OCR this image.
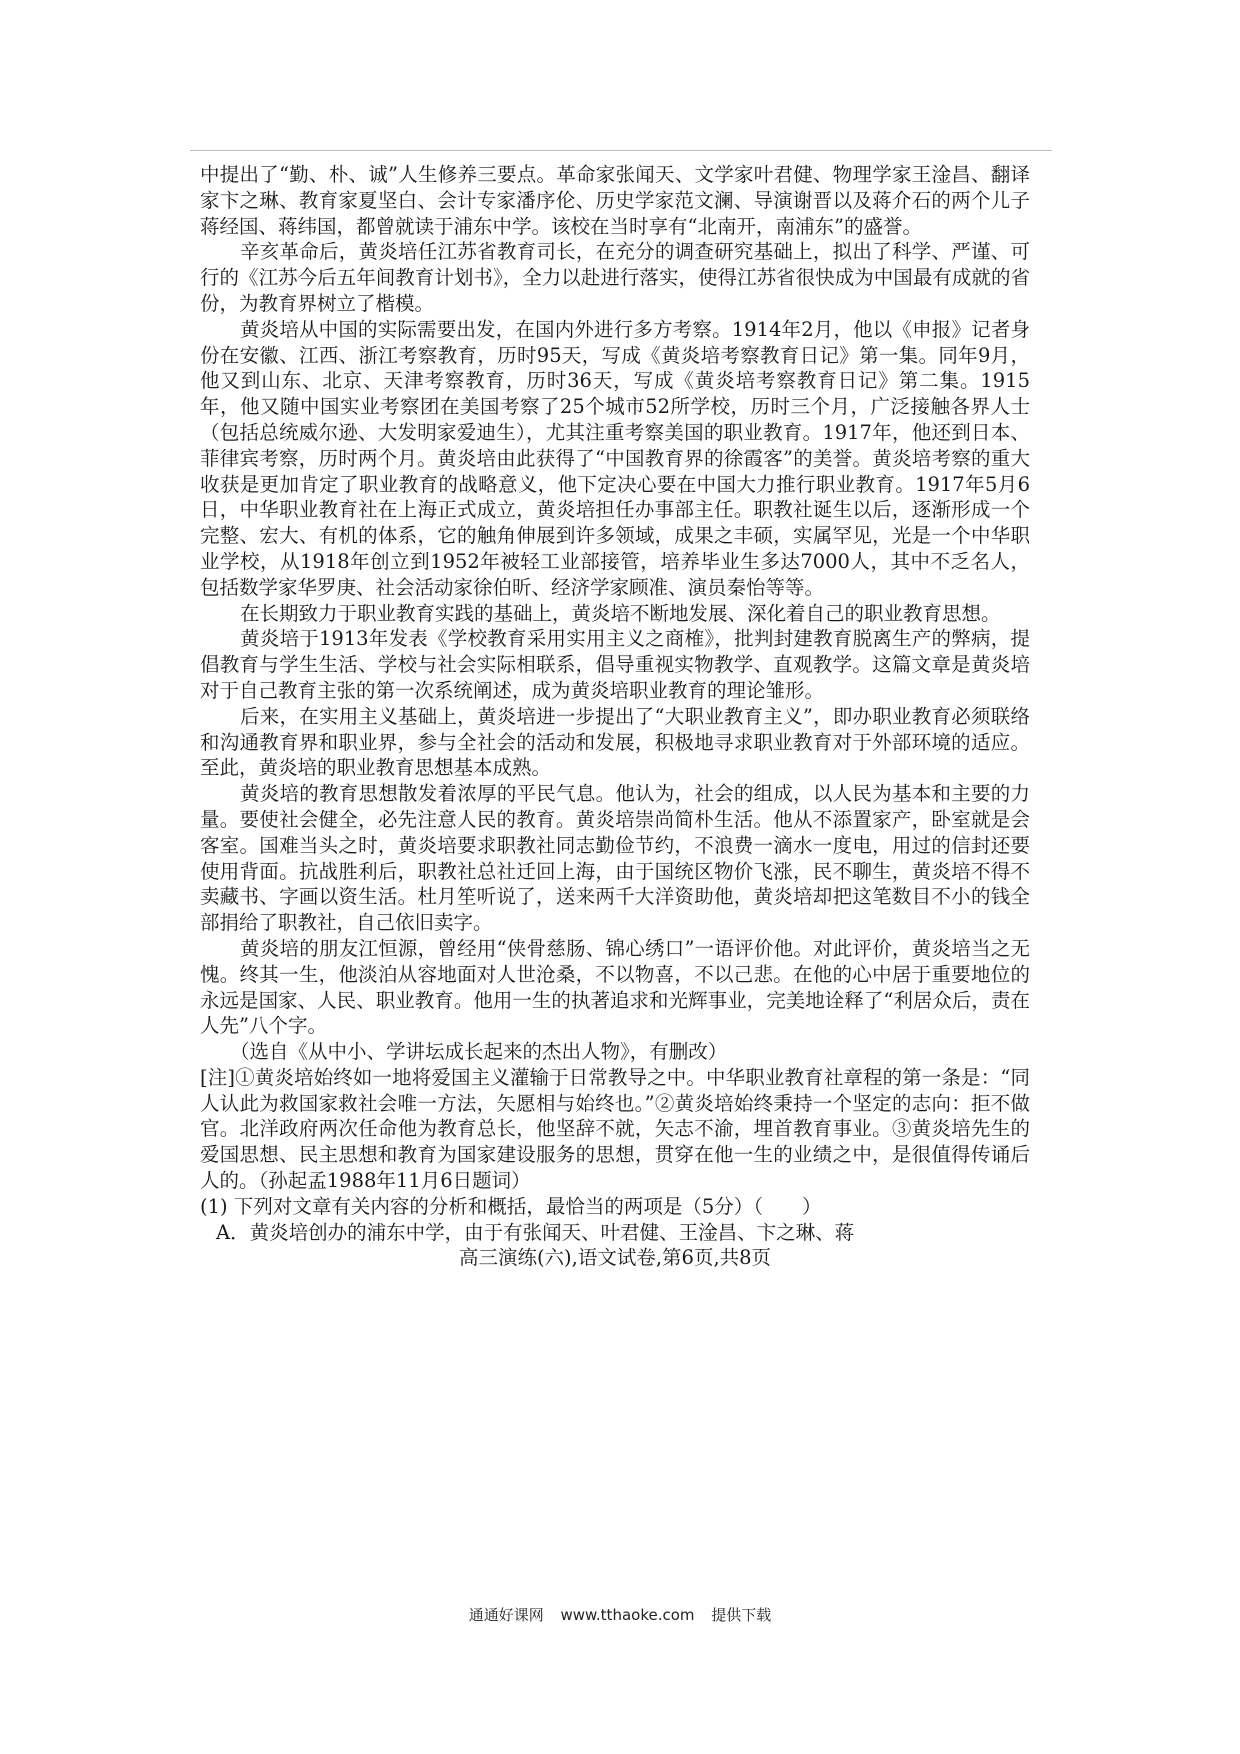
中提出了“勤、朴、诚”人生修养三要点。革命家张闻天、文学家叶君健、物理学家王淦昌、翻译家卞之琳、教育家夏坚白、会计专家潘序伦、历史学家范文澜、导演谢晋以及蒋介石的两个儿子蒋经国、蒋纬国，都曾就读于浦东中学。该校在当时享有“北南开，南浦东”的盛誉。

辛亥革命后，黄炎培任江苏省教育司长，在充分的调查研究基础上，拟出了科学、严谨、可行的《江苏今后五年间教育计划书》，全力以赴进行落实，使得江苏省很快成为中国最有成就的省份，为教育界树立了楷模。

黄炎培从中国的实际需要出发，在国内外进行多方考察。1914年2月，他以《申报》记者身份在安徽、江西、浙江考察教育，历时95天，写成《黄炎培考察教育日记》第一集。同年9月，他又到山东、北京、天津考察教育，历时36天，写成《黄炎培考察教育日记》第二集。1915年，他又随中国实业考察团在美国考察了25个城市52所学校，历时三个月，广泛接触各界人士（包括总统威尔逊、大发明家爱迪生），尤其注重考察美国的职业教育。1917年，他还到日本、菲律宾考察，历时两个月。黄炎培由此获得了“中国教育界的徐霞客”的美誉。黄炎培考察的重大收获是更加肯定了职业教育的战略意义，他下定决心要在中国大力推行职业教育。1917年5月6日，中华职业教育社在上海正式成立，黄炎培担任办事部主任。职教社诞生以后，逐渐形成一个完整、宏大、有机的体系，它的触角伸展到许多领域，成果之丰硕，实属罕见，光是一个中华职业学校，从1918年创立到1952年被轻工业部接管，培养毕业生多达7000人，其中不乏名人，包括数学家华罗庚、社会活动家徐伯昕、经济学家顾准、演员秦怡等等。

在长期致力于职业教育实践的基础上，黄炎培不断地发展、深化着自己的职业教育思想。

黄炎培于1913年发表《学校教育采用实用主义之商榷》，批判封建教育脱离生产的弊病，提倡教育与学生生活、学校与社会实际相联系，倡导重视实物教学、直观教学。这篇文章是黄炎培对于自己教育主张的第一次系统阐述，成为黄炎培职业教育的理论雏形。

后来，在实用主义基础上，黄炎培进一步提出了“大职业教育主义”，即办职业教育必须联络和沟通教育界和职业界，参与全社会的活动和发展，积极地寻求职业教育对于外部环境的适应。至此，黄炎培的职业教育思想基本成熟。

黄炎培的教育思想散发着浓厚的平民气息。他认为，社会的组成，以人民为基本和主要的力量。要使社会健全，必先注意人民的教育。黄炎培崇尚简朴生活。他从不添置家产，卧室就是会客室。国难当头之时，黄炎培要求职教社同志勤俭节约，不浪费一滴水一度电，用过的信封还要使用背面。抗战胜利后，职教社总社迁回上海，由于国统区物价飞涨，民不聊生，黄炎培不得不卖藏书、字画以资生活。杜月笙听说了，送来两千大洋资助他，黄炎培却把这笔数目不小的钱全部捐给了职教社，自己依旧卖字。

黄炎培的朋友江恒源，曾经用“侠骨慈肠、锦心绣口”一语评价他。对此评价，黄炎培当之无愧。终其一生，他淡泊从容地面对人世沧桑，不以物喜，不以己悲。在他的心中居于重要地位的永远是国家、人民、职业教育。他用一生的执著追求和光辉事业，完美地诠释了“利居众后，责在人先”八个字。

（选自《从中小、学讲坛成长起来的杰出人物》，有删改）

[注]①黄炎培始终如一地将爱国主义灌输于日常教导之中。中华职业教育社章程的第一条是：“同人认此为救国家救社会唯一方法，矢愿相与始终也。”②黄炎培始终秉持一个坚定的志向：拒不做官。北洋政府两次任命他为教育总长，他坚辞不就，矢志不渝，埋首教育事业。③黄炎培先生的爱国思想、民主思想和教育为国家建设服务的思想，贯穿在他一生的业绩之中，是很值得传诵后人的。（孙起孟1988年11月6日题词）

(1) 下列对文章有关内容的分析和概括，最恰当的两项是（5分）（　　）

A．黄炎培创办的浦东中学，由于有张闻天、叶君健、王淦昌、卞之琳、蒋

高三演练(六),语文试卷,第6页,共8页
通通好课网 www.tthaoke.com 提供下载
